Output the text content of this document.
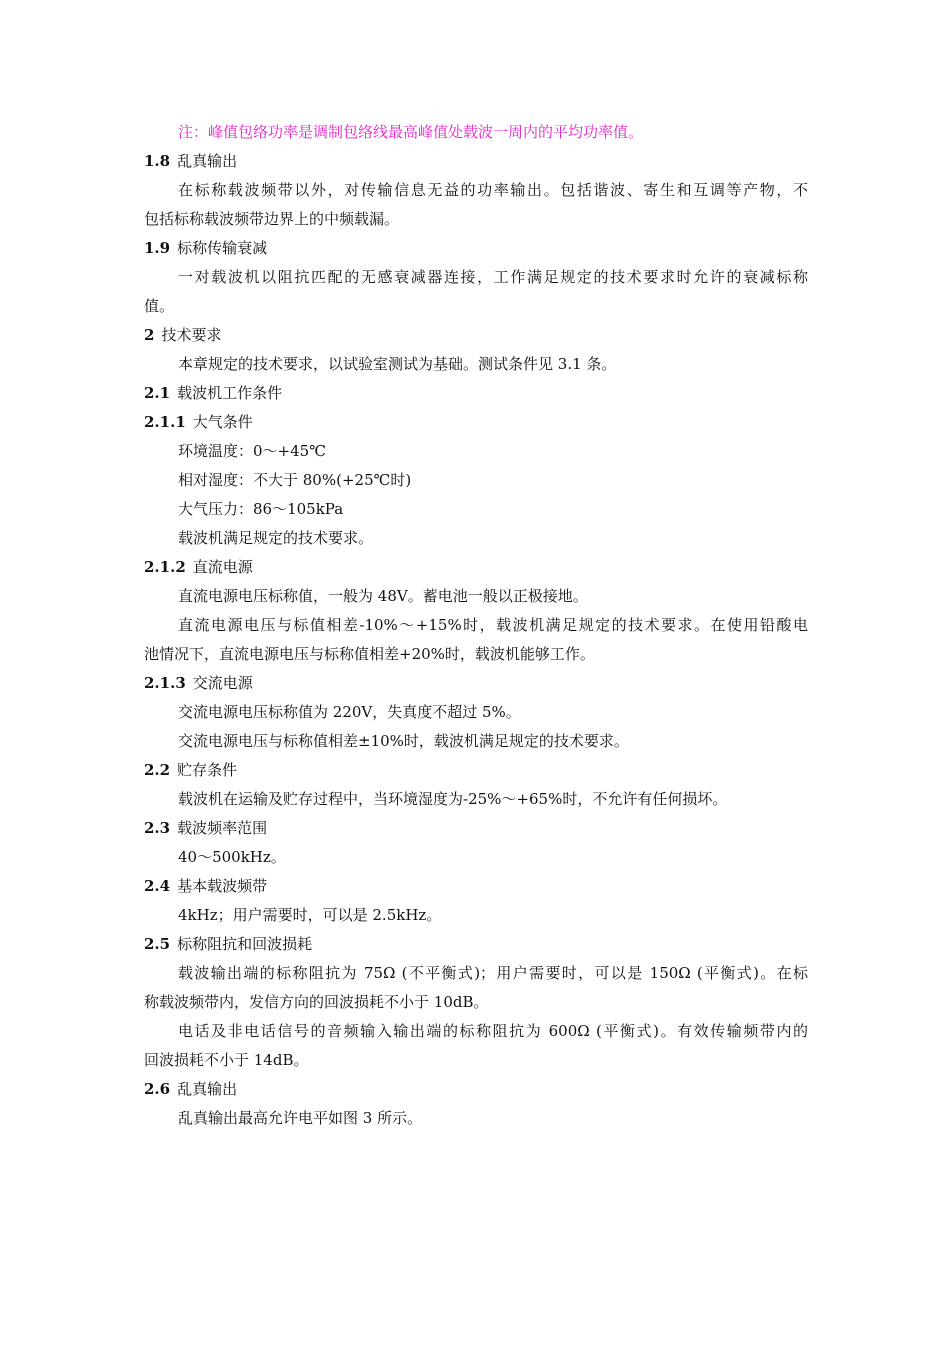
注：峰值包络功率是调制包络线最高峰值处载波一周内的平均功率值。

1.8 乱真输出

在标称载波频带以外，对传输信息无益的功率输出。包括谐波、寄生和互调等产物，不

包括标称载波频带边界上的中频载漏。

1.9 标称传输衰减

一对载波机以阻抗匹配的无感衰减器连接，工作满足规定的技术要求时允许的衰减标称

值。

2 技术要求

本章规定的技术要求，以试验室测试为基础。测试条件见 3.1 条。

2.1 载波机工作条件

2.1.1 大气条件

环境温度：0～+45℃

相对湿度：不大于 80%(+25℃时)

大气压力：86～105kPa

载波机满足规定的技术要求。

2.1.2 直流电源

直流电源电压标称值，一般为 48V。蓄电池一般以正极接地。

直流电源电压与标值相差-10%～+15%时，载波机满足规定的技术要求。在使用铅酸电

池情况下，直流电源电压与标称值相差+20%时，载波机能够工作。

2.1.3 交流电源

交流电源电压标称值为 220V，失真度不超过 5%。

交流电源电压与标称值相差±10%时，载波机满足规定的技术要求。

2.2 贮存条件

载波机在运输及贮存过程中，当环境湿度为-25%～+65%时，不允许有任何损坏。

2.3 载波频率范围

40～500kHz。

2.4 基本载波频带

4kHz；用户需要时，可以是 2.5kHz。

2.5 标称阻抗和回波损耗

载波输出端的标称阻抗为 75Ω (不平衡式)；用户需要时，可以是 150Ω (平衡式)。在标

称载波频带内，发信方向的回波损耗不小于 10dB。

电话及非电话信号的音频输入输出端的标称阻抗为 600Ω (平衡式)。有效传输频带内的

回波损耗不小于 14dB。

2.6 乱真输出

乱真输出最高允许电平如图 3 所示。
